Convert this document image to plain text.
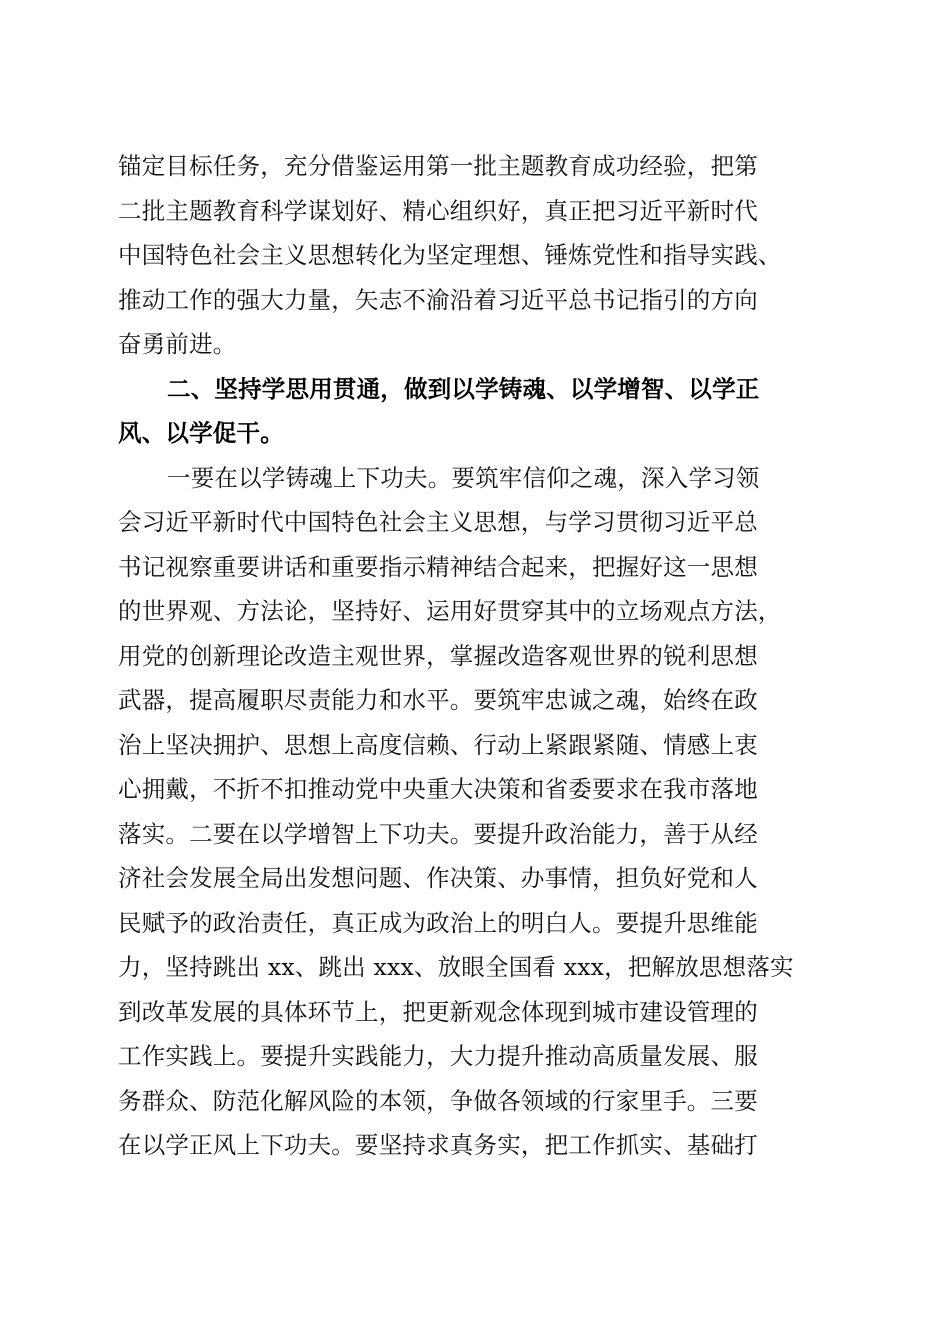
锚定目标任务，充分借鉴运用第一批主题教育成功经验，把第
二批主题教育科学谋划好、精心组织好，真正把习近平新时代
中国特色社会主义思想转化为坚定理想、锤炼党性和指导实践、
推动工作的强大力量，矢志不渝沿着习近平总书记指引的方向
奋勇前进。
二、坚持学思用贯通，做到以学铸魂、以学增智、以学正
风、以学促干。
一要在以学铸魂上下功夫。要筑牢信仰之魂，深入学习领
会习近平新时代中国特色社会主义思想，与学习贯彻习近平总
书记视察重要讲话和重要指示精神结合起来，把握好这一思想
的世界观、方法论，坚持好、运用好贯穿其中的立场观点方法，
用党的创新理论改造主观世界，掌握改造客观世界的锐利思想
武器，提高履职尽责能力和水平。要筑牢忠诚之魂，始终在政
治上坚决拥护、思想上高度信赖、行动上紧跟紧随、情感上衷
心拥戴，不折不扣推动党中央重大决策和省委要求在我市落地
落实。二要在以学增智上下功夫。要提升政治能力，善于从经
济社会发展全局出发想问题、作决策、办事情，担负好党和人
民赋予的政治责任，真正成为政治上的明白人。要提升思维能
力，坚持跳出 xx、跳出 xxx、放眼全国看 xxx，把解放思想落实
到改革发展的具体环节上，把更新观念体现到城市建设管理的
工作实践上。要提升实践能力，大力提升推动高质量发展、服
务群众、防范化解风险的本领，争做各领域的行家里手。三要
在以学正风上下功夫。要坚持求真务实，把工作抓实、基础打
